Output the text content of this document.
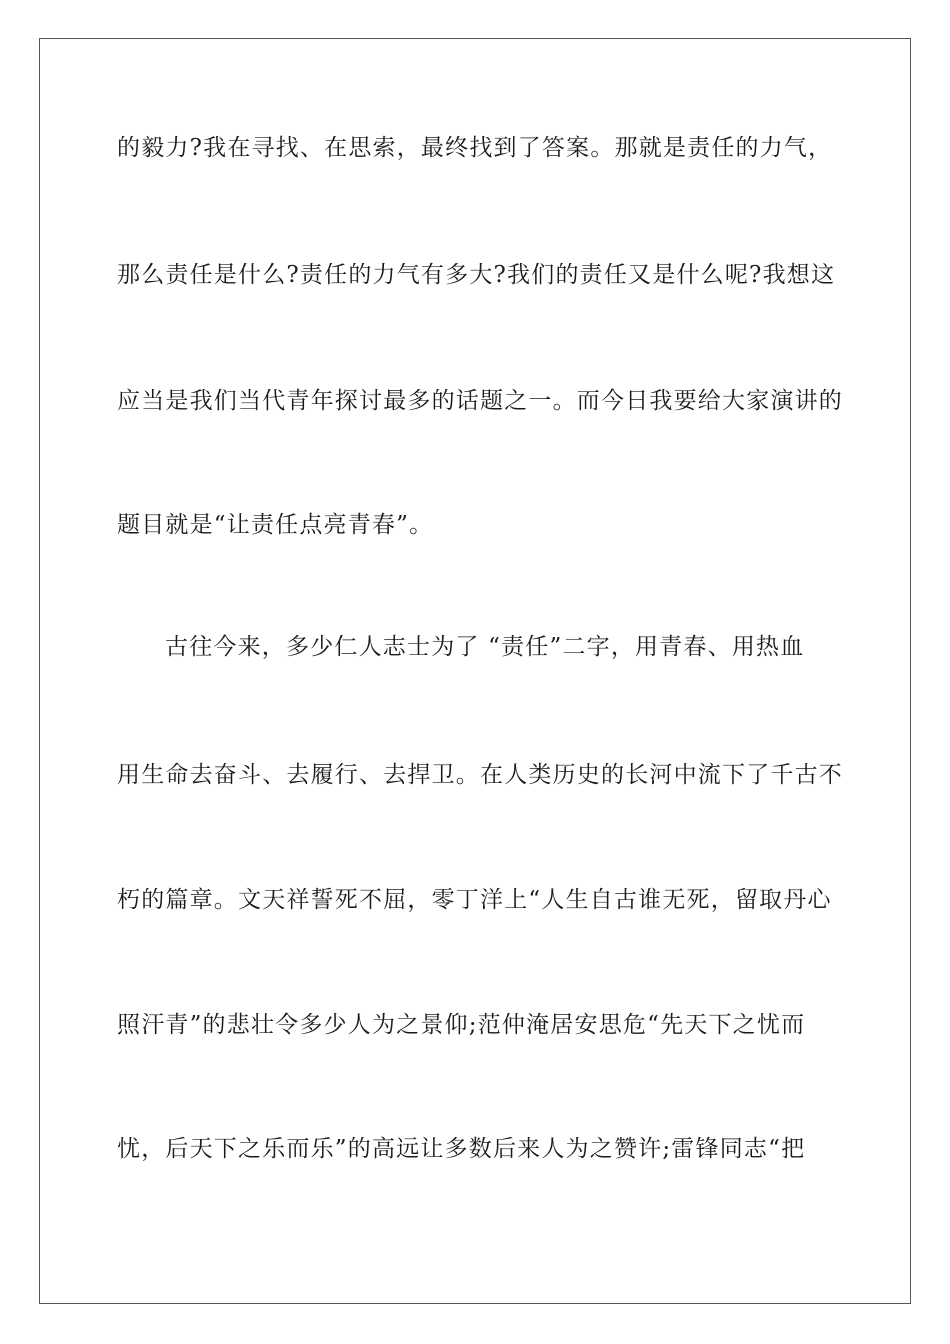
的毅力?我在寻找、在思索，最终找到了答案。那就是责任的力气，
那么责任是什么?责任的力气有多大?我们的责任又是什么呢?我想这
应当是我们当代青年探讨最多的话题之一。而今日我要给大家演讲的
题目就是“让责任点亮青春”。
古往今来，多少仁人志士为了 “责任”二字，用青春、用热血
用生命去奋斗、去履行、去捍卫。在人类历史的长河中流下了千古不
朽的篇章。文天祥誓死不屈，零丁洋上“人生自古谁无死，留取丹心
照汗青”的悲壮令多少人为之景仰;范仲淹居安思危“先天下之忧而
忧，后天下之乐而乐”的高远让多数后来人为之赞许;雷锋同志“把
